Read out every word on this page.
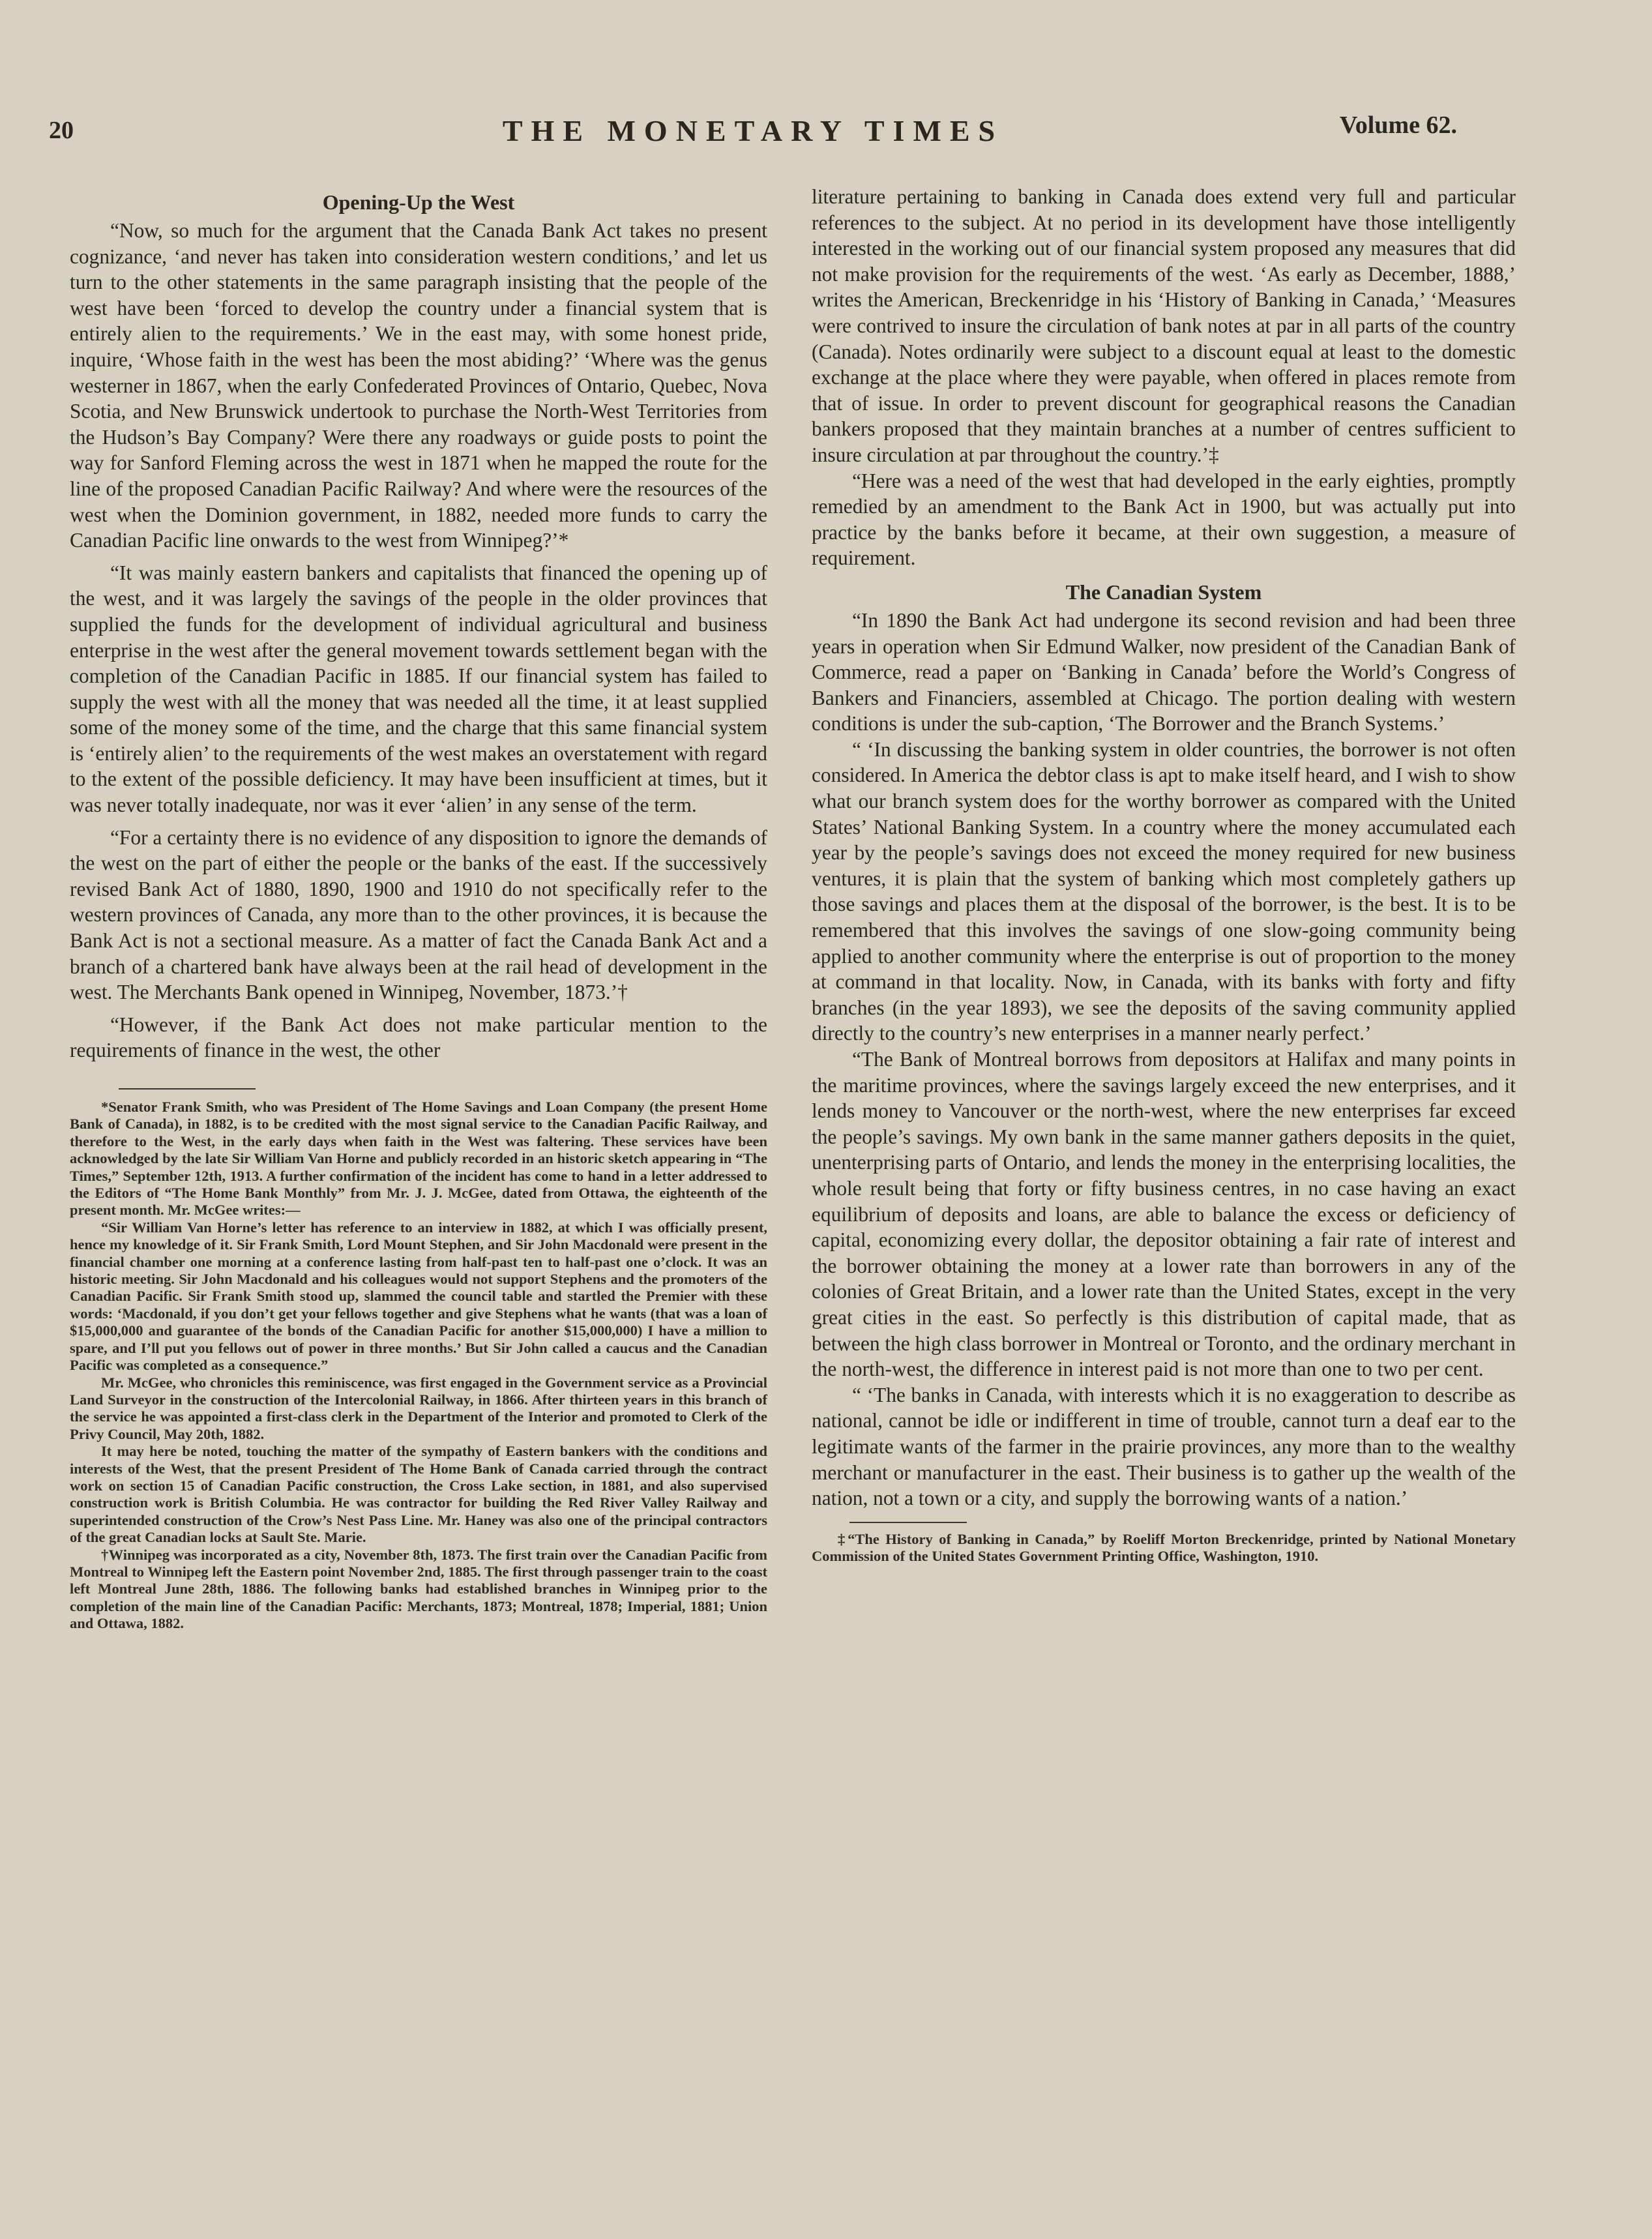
20	THE MONETARY TIMES	Volume 62.
Opening-Up the West

“Now, so much for the argument that the Canada Bank Act takes no present cognizance, ‘and never has taken into consideration western conditions,’ and let us turn to the other statements in the same paragraph insisting that the people of the west have been ‘forced to develop the country under a financial system that is entirely alien to the requirements.’ We in the east may, with some honest pride, inquire, ‘Whose faith in the west has been the most abiding?’ ‘Where was the genus westerner in 1867, when the early Confederated Provinces of Ontario, Quebec, Nova Scotia, and New Brunswick undertook to purchase the North-West Territories from the Hudson’s Bay Company? Were there any roadways or guide posts to point the way for Sanford Fleming across the west in 1871 when he mapped the route for the line of the proposed Canadian Pacific Railway? And where were the resources of the west when the Dominion government, in 1882, needed more funds to carry the Canadian Pacific line onwards to the west from Winnipeg?’*

“It was mainly eastern bankers and capitalists that financed the opening up of the west, and it was largely the savings of the people in the older provinces that supplied the funds for the development of individual agricultural and business enterprise in the west after the general movement towards settlement began with the completion of the Canadian Pacific in 1885. If our financial system has failed to supply the west with all the money that was needed all the time, it at least supplied some of the money some of the time, and the charge that this same financial system is ‘entirely alien’ to the requirements of the west makes an overstatement with regard to the extent of the possible deficiency. It may have been insufficient at times, but it was never totally inadequate, nor was it ever ‘alien’ in any sense of the term.

“For a certainty there is no evidence of any disposition to ignore the demands of the west on the part of either the people or the banks of the east. If the successively revised Bank Act of 1880, 1890, 1900 and 1910 do not specifically refer to the western provinces of Canada, any more than to the other provinces, it is because the Bank Act is not a sectional measure. As a matter of fact the Canada Bank Act and a branch of a chartered bank have always been at the rail head of development in the west. The Merchants Bank opened in Winnipeg, November, 1873.’†

“However, if the Bank Act does not make particular mention to the requirements of finance in the west, the other

*Senator Frank Smith, who was President of The Home Savings and Loan Company (the present Home Bank of Canada), in 1882, is to be credited with the most signal service to the Canadian Pacific Railway, and therefore to the West, in the early days when faith in the West was faltering. These services have been acknowledged by the late Sir William Van Horne and publicly recorded in an historic sketch appearing in “The Times,” September 12th, 1913. A further confirmation of the incident has come to hand in a letter addressed to the Editors of “The Home Bank Monthly” from Mr. J. J. McGee, dated from Ottawa, the eighteenth of the present month. Mr. McGee writes:—

“Sir William Van Horne’s letter has reference to an interview in 1882, at which I was officially present, hence my knowledge of it. Sir Frank Smith, Lord Mount Stephen, and Sir John Macdonald were present in the financial chamber one morning at a conference lasting from half-past ten to half-past one o’clock. It was an historic meeting. Sir John Macdonald and his colleagues would not support Stephens and the promoters of the Canadian Pacific. Sir Frank Smith stood up, slammed the council table and startled the Premier with these words: ‘Macdonald, if you don’t get your fellows together and give Stephens what he wants (that was a loan of $15,000,000 and guarantee of the bonds of the Canadian Pacific for another $15,000,000) I have a million to spare, and I’ll put you fellows out of power in three months.’ But Sir John called a caucus and the Canadian Pacific was completed as a consequence.”

Mr. McGee, who chronicles this reminiscence, was first engaged in the Government service as a Provincial Land Surveyor in the construction of the Intercolonial Railway, in 1866. After thirteen years in this branch of the service he was appointed a first-class clerk in the Department of the Interior and promoted to Clerk of the Privy Council, May 20th, 1882.

It may here be noted, touching the matter of the sympathy of Eastern bankers with the conditions and interests of the West, that the present President of The Home Bank of Canada carried through the contract work on section 15 of Canadian Pacific construction, the Cross Lake section, in 1881, and also supervised construction work is British Columbia. He was contractor for building the Red River Valley Railway and superintended construction of the Crow’s Nest Pass Line. Mr. Haney was also one of the principal contractors of the great Canadian locks at Sault Ste. Marie.

†Winnipeg was incorporated as a city, November 8th, 1873. The first train over the Canadian Pacific from Montreal to Winnipeg left the Eastern point November 2nd, 1885. The first through passenger train to the coast left Montreal June 28th, 1886. The following banks had established branches in Winnipeg prior to the completion of the main line of the Canadian Pacific: Merchants, 1873; Montreal, 1878; Imperial, 1881; Union and Ottawa, 1882.

literature pertaining to banking in Canada does extend very full and particular references to the subject. At no period in its development have those intelligently interested in the working out of our financial system proposed any measures that did not make provision for the requirements of the west. ‘As early as December, 1888,’ writes the American, Breckenridge in his ‘History of Banking in Canada,’ ‘Measures were contrived to insure the circulation of bank notes at par in all parts of the country (Canada). Notes ordinarily were subject to a discount equal at least to the domestic exchange at the place where they were payable, when offered in places remote from that of issue. In order to prevent discount for geographical reasons the Canadian bankers proposed that they maintain branches at a number of centres sufficient to insure circulation at par throughout the country.’‡

“Here was a need of the west that had developed in the early eighties, promptly remedied by an amendment to the Bank Act in 1900, but was actually put into practice by the banks before it became, at their own suggestion, a measure of requirement.

The Canadian System

“In 1890 the Bank Act had undergone its second revision and had been three years in operation when Sir Edmund Walker, now president of the Canadian Bank of Commerce, read a paper on ‘Banking in Canada’ before the World’s Congress of Bankers and Financiers, assembled at Chicago. The portion dealing with western conditions is under the sub-caption, ‘The Borrower and the Branch Systems.’

“ ‘In discussing the banking system in older countries, the borrower is not often considered. In America the debtor class is apt to make itself heard, and I wish to show what our branch system does for the worthy borrower as compared with the United States’ National Banking System. In a country where the money accumulated each year by the people’s savings does not exceed the money required for new business ventures, it is plain that the system of banking which most completely gathers up those savings and places them at the disposal of the borrower, is the best. It is to be remembered that this involves the savings of one slow-going community being applied to another community where the enterprise is out of proportion to the money at command in that locality. Now, in Canada, with its banks with forty and fifty branches (in the year 1893), we see the deposits of the saving community applied directly to the country’s new enterprises in a manner nearly perfect.’

“The Bank of Montreal borrows from depositors at Halifax and many points in the maritime provinces, where the savings largely exceed the new enterprises, and it lends money to Vancouver or the north-west, where the new enterprises far exceed the people’s savings. My own bank in the same manner gathers deposits in the quiet, unenterprising parts of Ontario, and lends the money in the enterprising localities, the whole result being that forty or fifty business centres, in no case having an exact equilibrium of deposits and loans, are able to balance the excess or deficiency of capital, economizing every dollar, the depositor obtaining a fair rate of interest and the borrower obtaining the money at a lower rate than borrowers in any of the colonies of Great Britain, and a lower rate than the United States, except in the very great cities in the east. So perfectly is this distribution of capital made, that as between the high class borrower in Montreal or Toronto, and the ordinary merchant in the north-west, the difference in interest paid is not more than one to two per cent.

“ ‘The banks in Canada, with interests which it is no exaggeration to describe as national, cannot be idle or indifferent in time of trouble, cannot turn a deaf ear to the legitimate wants of the farmer in the prairie provinces, any more than to the wealthy merchant or manufacturer in the east. Their business is to gather up the wealth of the nation, not a town or a city, and supply the borrowing wants of a nation.’

‡“The History of Banking in Canada,” by Roeliff Morton Breckenridge, printed by National Monetary Commission of the United States Government Printing Office, Washington, 1910.
